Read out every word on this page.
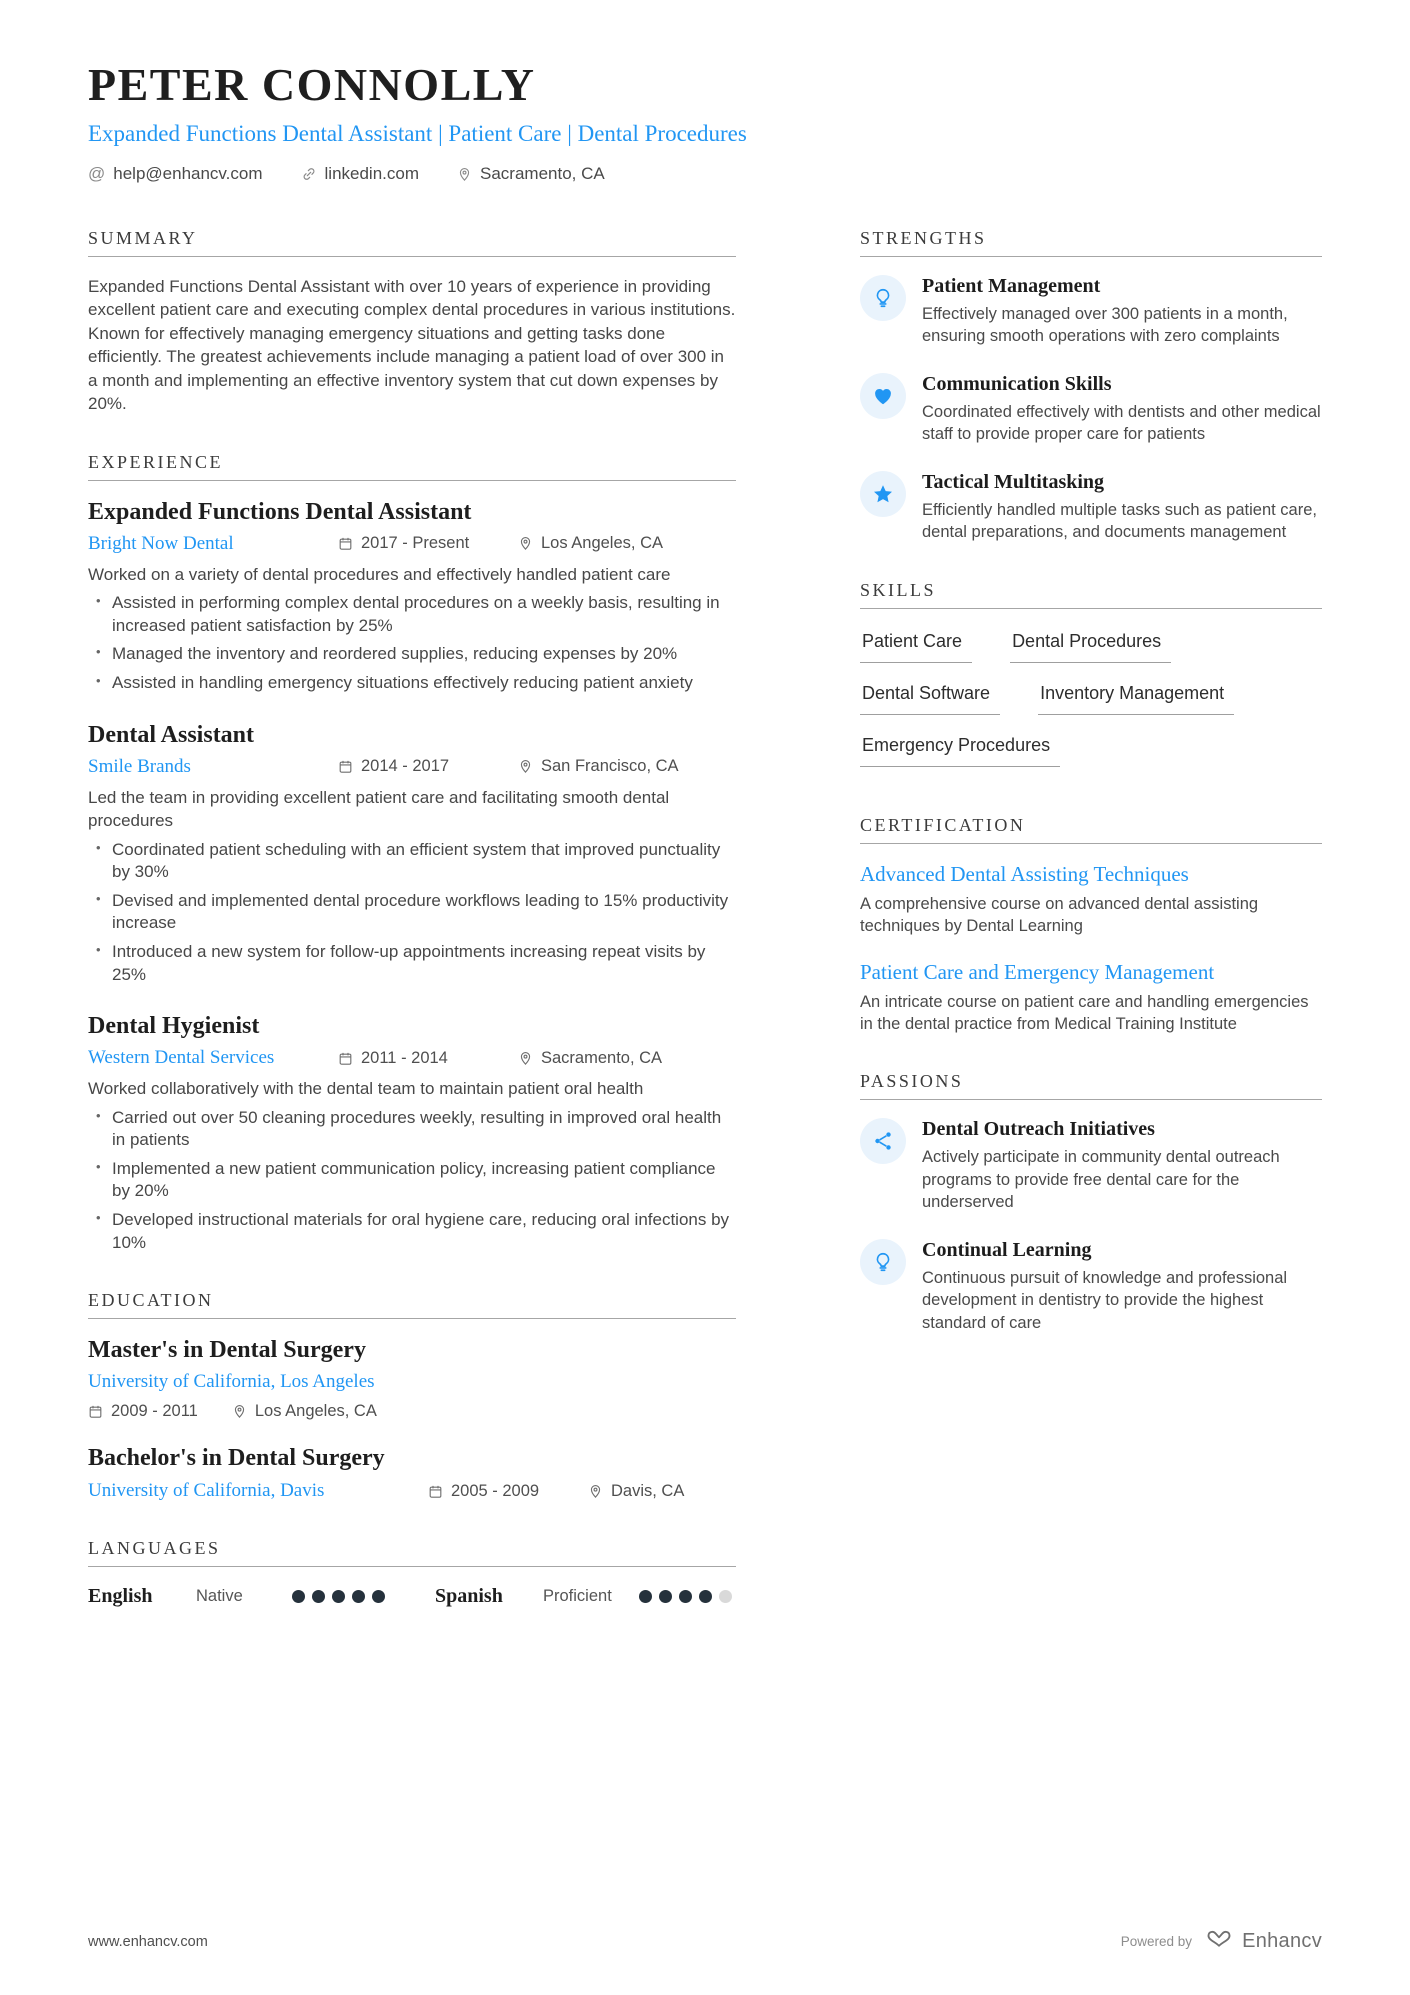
PETER CONNOLLY
Expanded Functions Dental Assistant | Patient Care | Dental Procedures
@ help@enhancv.com	linkedin.com	Sacramento, CA
SUMMARY
Expanded Functions Dental Assistant with over 10 years of experience in providing excellent patient care and executing complex dental procedures in various institutions. Known for effectively managing emergency situations and getting tasks done efficiently. The greatest achievements include managing a patient load of over 300 in a month and implementing an effective inventory system that cut down expenses by 20%.
EXPERIENCE
Expanded Functions Dental Assistant
Bright Now Dental	2017 - Present	Los Angeles, CA
Worked on a variety of dental procedures and effectively handled patient care
• Assisted in performing complex dental procedures on a weekly basis, resulting in increased patient satisfaction by 25%
• Managed the inventory and reordered supplies, reducing expenses by 20%
• Assisted in handling emergency situations effectively reducing patient anxiety
Dental Assistant
Smile Brands	2014 - 2017	San Francisco, CA
Led the team in providing excellent patient care and facilitating smooth dental procedures
• Coordinated patient scheduling with an efficient system that improved punctuality by 30%
• Devised and implemented dental procedure workflows leading to 15% productivity increase
• Introduced a new system for follow-up appointments increasing repeat visits by 25%
Dental Hygienist
Western Dental Services	2011 - 2014	Sacramento, CA
Worked collaboratively with the dental team to maintain patient oral health
• Carried out over 50 cleaning procedures weekly, resulting in improved oral health in patients
• Implemented a new patient communication policy, increasing patient compliance by 20%
• Developed instructional materials for oral hygiene care, reducing oral infections by 10%
EDUCATION
Master's in Dental Surgery
University of California, Los Angeles
2009 - 2011	Los Angeles, CA
Bachelor's in Dental Surgery
University of California, Davis	2005 - 2009	Davis, CA
LANGUAGES
English	Native	Spanish	Proficient
STRENGTHS
Patient Management
Effectively managed over 300 patients in a month, ensuring smooth operations with zero complaints
Communication Skills
Coordinated effectively with dentists and other medical staff to provide proper care for patients
Tactical Multitasking
Efficiently handled multiple tasks such as patient care, dental preparations, and documents management
SKILLS
Patient Care	Dental Procedures
Dental Software	Inventory Management
Emergency Procedures
CERTIFICATION
Advanced Dental Assisting Techniques
A comprehensive course on advanced dental assisting techniques by Dental Learning
Patient Care and Emergency Management
An intricate course on patient care and handling emergencies in the dental practice from Medical Training Institute
PASSIONS
Dental Outreach Initiatives
Actively participate in community dental outreach programs to provide free dental care for the underserved
Continual Learning
Continuous pursuit of knowledge and professional development in dentistry to provide the highest standard of care
www.enhancv.com	Powered by	Enhancv
